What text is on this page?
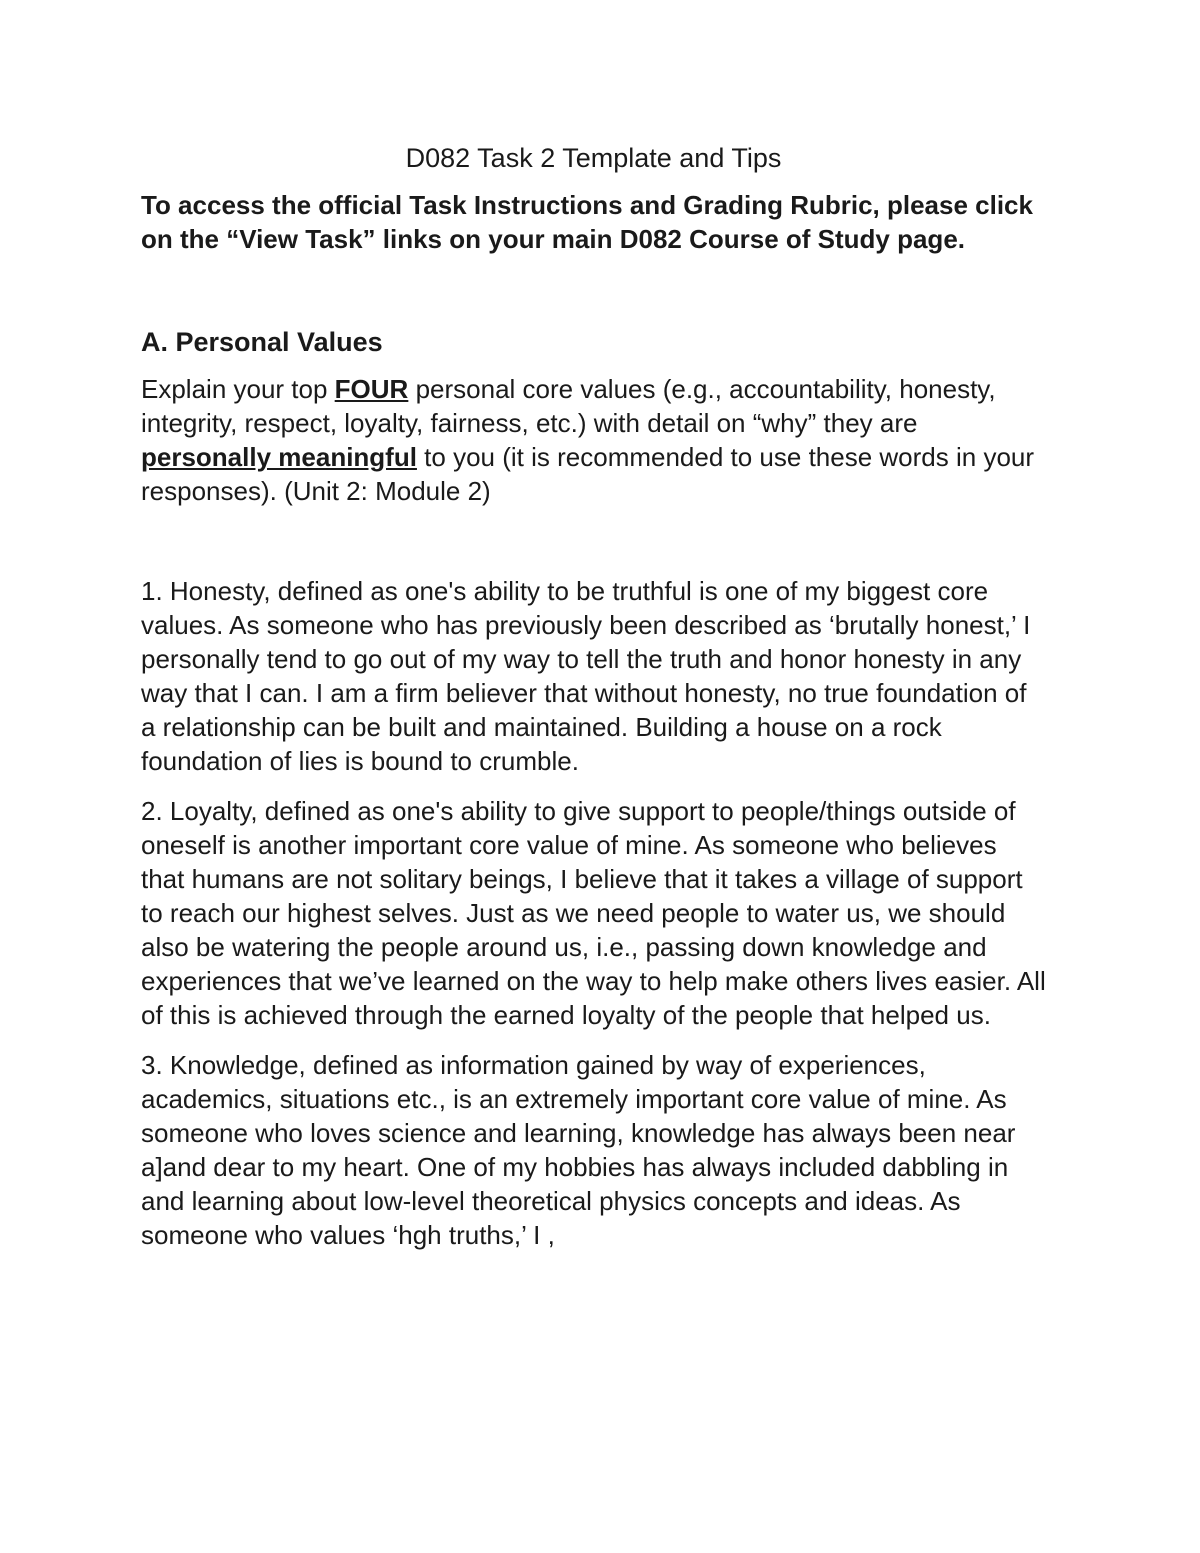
D082 Task 2 Template and Tips

To access the official Task Instructions and Grading Rubric, please click on the “View Task” links on your main D082 Course of Study page.

A. Personal Values

Explain your top FOUR personal core values (e.g., accountability, honesty, integrity, respect, loyalty, fairness, etc.) with detail on “why” they are personally meaningful to you (it is recommended to use these words in your responses). (Unit 2: Module 2)

1. Honesty, defined as one's ability to be truthful is one of my biggest core values. As someone who has previously been described as ‘brutally honest,’ I personally tend to go out of my way to tell the truth and honor honesty in any way that I can. I am a firm believer that without honesty, no true foundation of a relationship can be built and maintained. Building a house on a rock foundation of lies is bound to crumble.

2. Loyalty, defined as one's ability to give support to people/things outside of oneself is another important core value of mine. As someone who believes that humans are not solitary beings, I believe that it takes a village of support to reach our highest selves. Just as we need people to water us, we should also be watering the people around us, i.e., passing down knowledge and experiences that we’ve learned on the way to help make others lives easier. All of this is achieved through the earned loyalty of the people that helped us.

3. Knowledge, defined as information gained by way of experiences, academics, situations etc., is an extremely important core value of mine. As someone who loves science and learning, knowledge has always been near a]and dear to my heart. One of my hobbies has always included dabbling in and learning about low-level theoretical physics concepts and ideas. As someone who values ‘hgh truths,’ I ,
